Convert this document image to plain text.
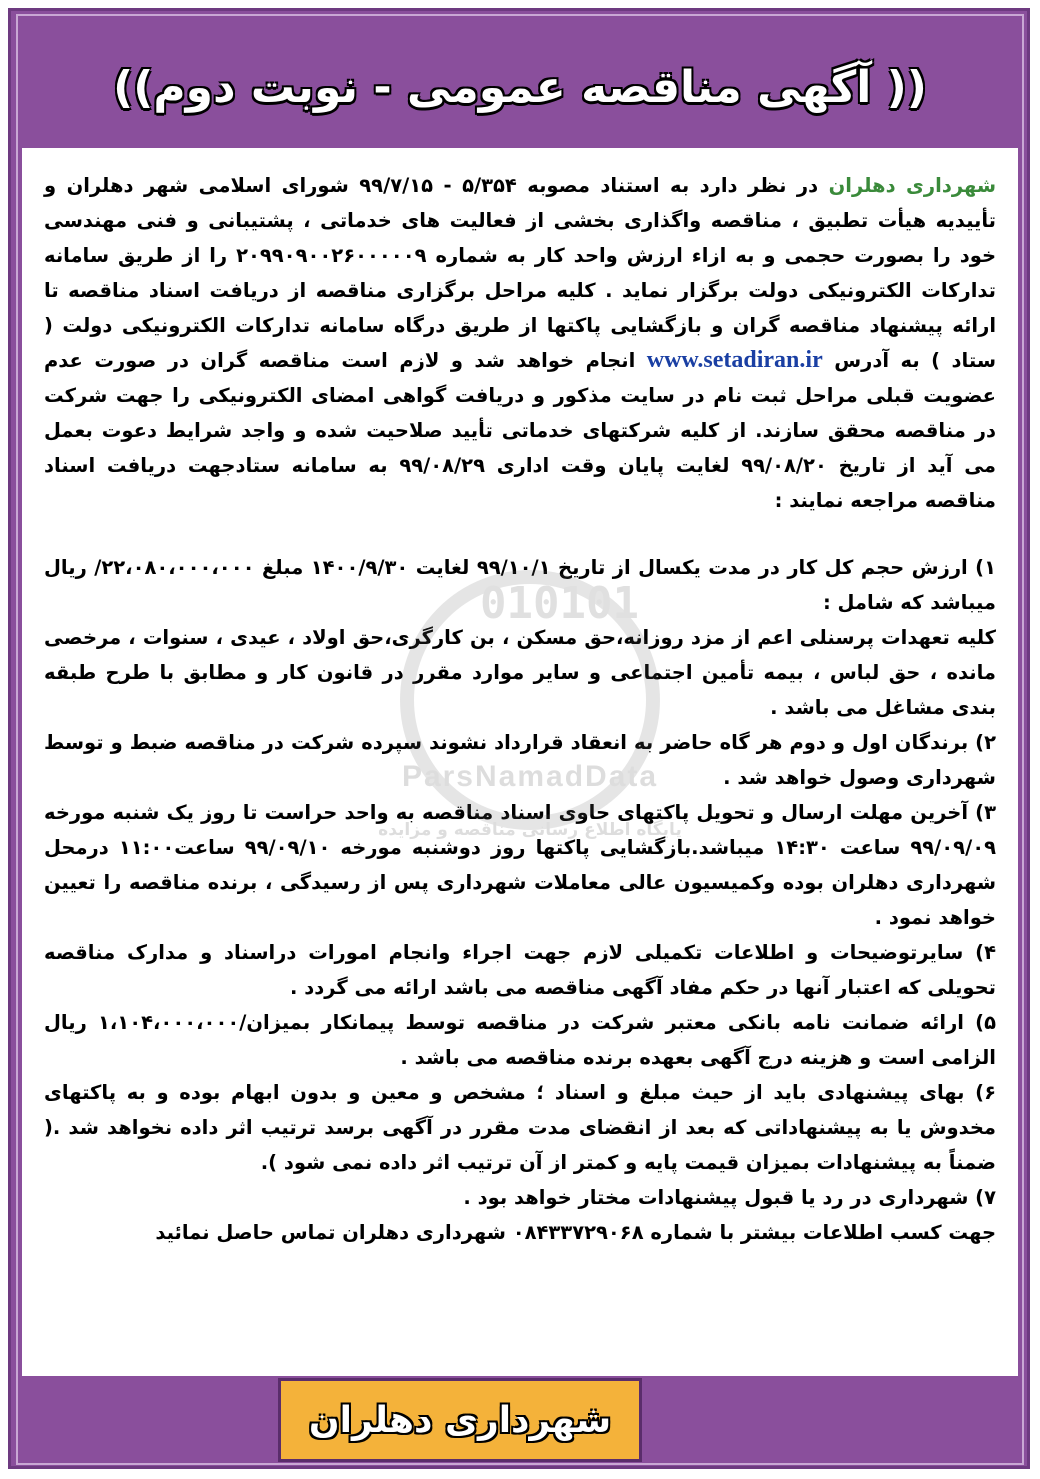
(( آگهی مناقصه عمومی - نوبت دوم))

شهرداری دهلران در نظر دارد به استناد مصوبه ۵/۳۵۴ - ۹۹/۷/۱۵ شورای اسلامی شهر دهلران و تأییدیه هیأت تطبیق ، مناقصه واگذاری بخشی از فعالیت های خدماتی ، پشتیبانی و فنی مهندسی خود را بصورت حجمی و به ازاء ارزش واحد کار به شماره ۲۰۹۹۰۹۰۰۲۶۰۰۰۰۰۹ را از طریق سامانه تدارکات الکترونیکی دولت برگزار نماید . کلیه مراحل برگزاری مناقصه از دریافت اسناد مناقصه تا ارائه پیشنهاد مناقصه گران و بازگشایی پاکتها از طریق درگاه سامانه تدارکات الکترونیکی دولت ( ستاد ) به آدرس www.setadiran.ir انجام خواهد شد و لازم است مناقصه گران در صورت عدم عضویت قبلی مراحل ثبت نام در سایت مذکور و دریافت گواهی امضای الکترونیکی را جهت شرکت در مناقصه محقق سازند. از کلیه شرکتهای خدماتی تأیید صلاحیت شده و واجد شرایط دعوت بعمل می آید از تاریخ ۹۹/۰۸/۲۰ لغایت پایان وقت اداری ۹۹/۰۸/۲۹ به سامانه ستادجهت دریافت اسناد مناقصه مراجعه نمایند :

۱) ارزش حجم کل کار در مدت یکسال از تاریخ ۹۹/۱۰/۱ لغایت ۱۴۰۰/۹/۳۰ مبلغ ۲۲،۰۸۰،۰۰۰،۰۰۰/ ریال میباشد که شامل :

کلیه تعهدات پرسنلی اعم از مزد روزانه،حق مسکن ، بن کارگری،حق اولاد ، عیدی ، سنوات ، مرخصی مانده ، حق لباس ، بیمه تأمین اجتماعی و سایر موارد مقرر در قانون کار و مطابق با طرح طبقه بندی مشاغل می باشد .

۲) برندگان اول و دوم هر گاه حاضر به انعقاد قرارداد نشوند سپرده شرکت در مناقصه ضبط و توسط شهرداری وصول خواهد شد .

۳) آخرین مهلت ارسال و تحویل پاکتهای حاوی اسناد مناقصه به واحد حراست تا روز یک شنبه مورخه ۹۹/۰۹/۰۹ ساعت ۱۴:۳۰ میباشد.بازگشایی پاکتها روز دوشنبه مورخه ۹۹/۰۹/۱۰ ساعت۱۱:۰۰ درمحل شهرداری دهلران بوده وکمیسیون عالی معاملات شهرداری پس از رسیدگی ، برنده مناقصه را تعیین خواهد نمود .

۴) سایرتوضیحات و اطلاعات تکمیلی لازم جهت اجراء وانجام امورات دراسناد و مدارک مناقصه تحویلی که اعتبار آنها در حکم مفاد آگهی مناقصه می باشد ارائه می گردد .

۵) ارائه ضمانت نامه بانکی معتبر شرکت در مناقصه توسط پیمانکار بمیزان/۱،۱۰۴،۰۰۰،۰۰۰ ریال الزامی است و هزینه درج آگهی بعهده برنده مناقصه می باشد .

۶) بهای پیشنهادی باید از حیث مبلغ و اسناد ؛ مشخص و معین و بدون ابهام بوده و به پاکتهای مخدوش یا به پیشنهاداتی که بعد از انقضای مدت مقرر در آگهی برسد ترتیب اثر داده نخواهد شد .( ضمناً به پیشنهادات بمیزان قیمت پایه و کمتر از آن ترتیب اثر داده نمی شود ).

۷) شهرداری در رد یا قبول پیشنهادات مختار خواهد بود .

جهت کسب اطلاعات بیشتر با شماره ۰۸۴۳۳۷۲۹۰۶۸ شهرداری دهلران تماس حاصل نمائید

شهرداری دهلران
